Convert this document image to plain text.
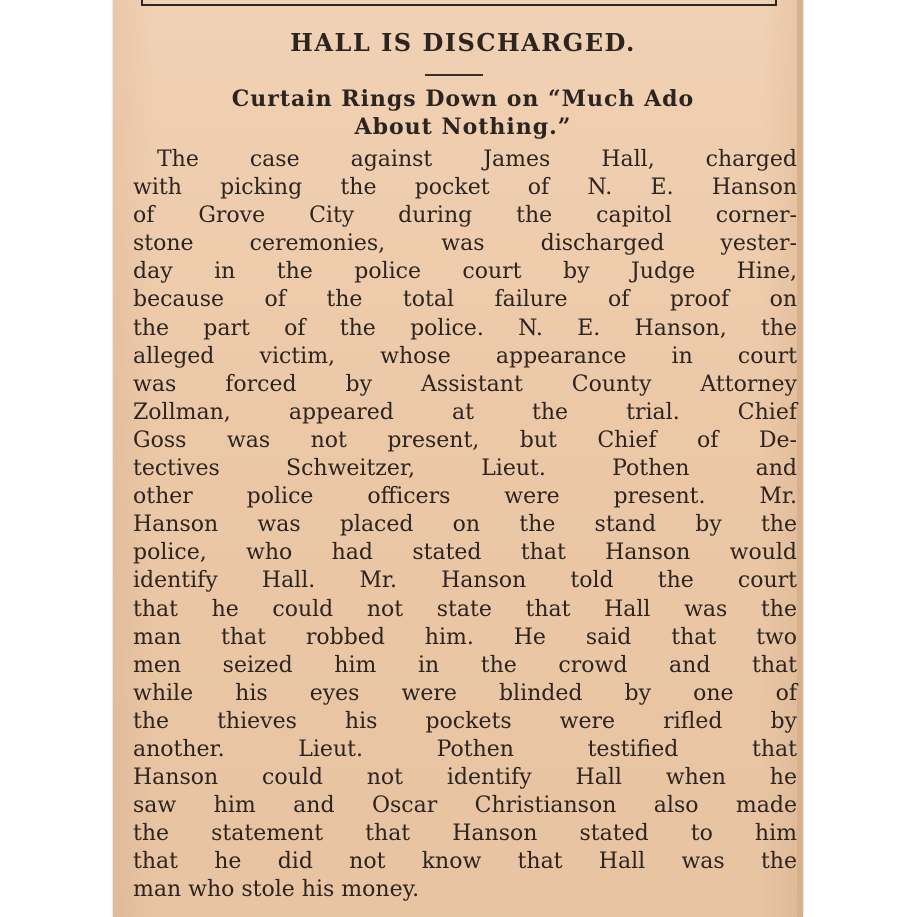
HALL IS DISCHARGED.
Curtain Rings Down on “Much Ado
About Nothing.”
The case against James Hall, charged
with picking the pocket of N. E. Hanson
of Grove City during the capitol corner-
stone ceremonies, was discharged yester-
day in the police court by Judge Hine,
because of the total failure of proof on
the part of the police. N. E. Hanson, the
alleged victim, whose appearance in court
was forced by Assistant County Attorney
Zollman, appeared at the trial. Chief
Goss was not present, but Chief of De-
tectives Schweitzer, Lieut. Pothen and
other police officers were present. Mr.
Hanson was placed on the stand by the
police, who had stated that Hanson would
identify Hall. Mr. Hanson told the court
that he could not state that Hall was the
man that robbed him. He said that two
men seized him in the crowd and that
while his eyes were blinded by one of
the thieves his pockets were rifled by
another. Lieut. Pothen testified that
Hanson could not identify Hall when he
saw him and Oscar Christianson also made
the statement that Hanson stated to him
that he did not know that Hall was the
man who stole his money.
